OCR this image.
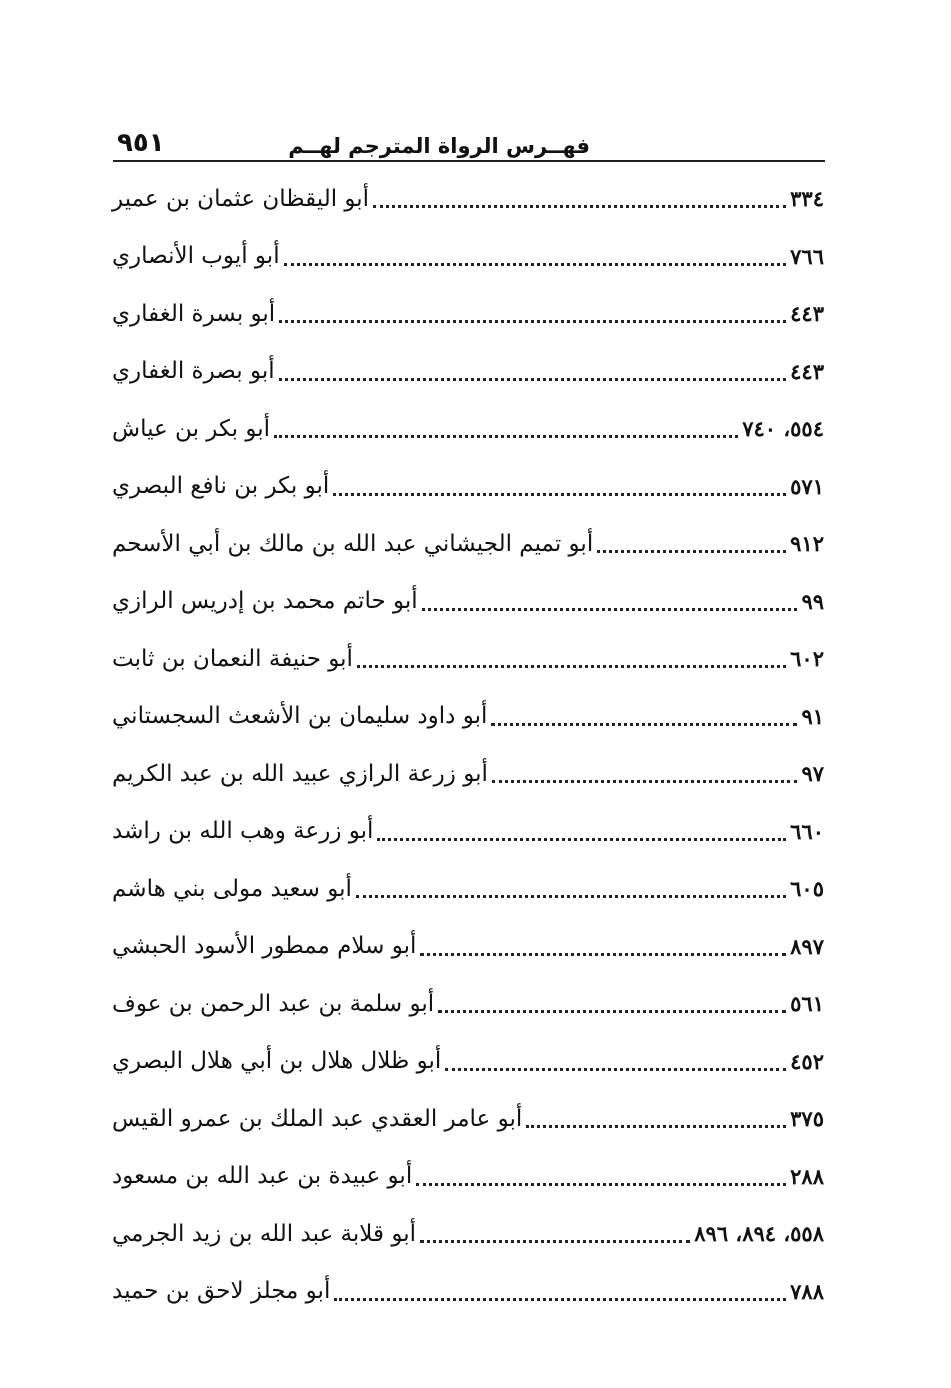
فهــرس الرواة المترجم لهــم
٩٥١
أبو اليقظان عثمان بن عمير	٣٣٤
أبو أيوب الأنصاري	٧٦٦
أبو بسرة الغفاري	٤٤٣
أبو بصرة الغفاري	٤٤٣
أبو بكر بن عياش	٥٥٤، ٧٤٠
أبو بكر بن نافع البصري	٥٧١
أبو تميم الجيشاني عبد الله بن مالك بن أبي الأسحم	٩١٢
أبو حاتم محمد بن إدريس الرازي	٩٩
أبو حنيفة النعمان بن ثابت	٦٠٢
أبو داود سليمان بن الأشعث السجستاني	٩١
أبو زرعة الرازي عبيد الله بن عبد الكريم	٩٧
أبو زرعة وهب الله بن راشد	٦٦٠
أبو سعيد مولى بني هاشم	٦٠٥
أبو سلام ممطور الأسود الحبشي	٨٩٧
أبو سلمة بن عبد الرحمن بن عوف	٥٦١
أبو ظلال هلال بن أبي هلال البصري	٤٥٢
أبو عامر العقدي عبد الملك بن عمرو القيس	٣٧٥
أبو عبيدة بن عبد الله بن مسعود	٢٨٨
أبو قلابة عبد الله بن زيد الجرمي	٥٥٨، ٨٩٤، ٨٩٦
أبو مجلز لاحق بن حميد	٧٨٨
